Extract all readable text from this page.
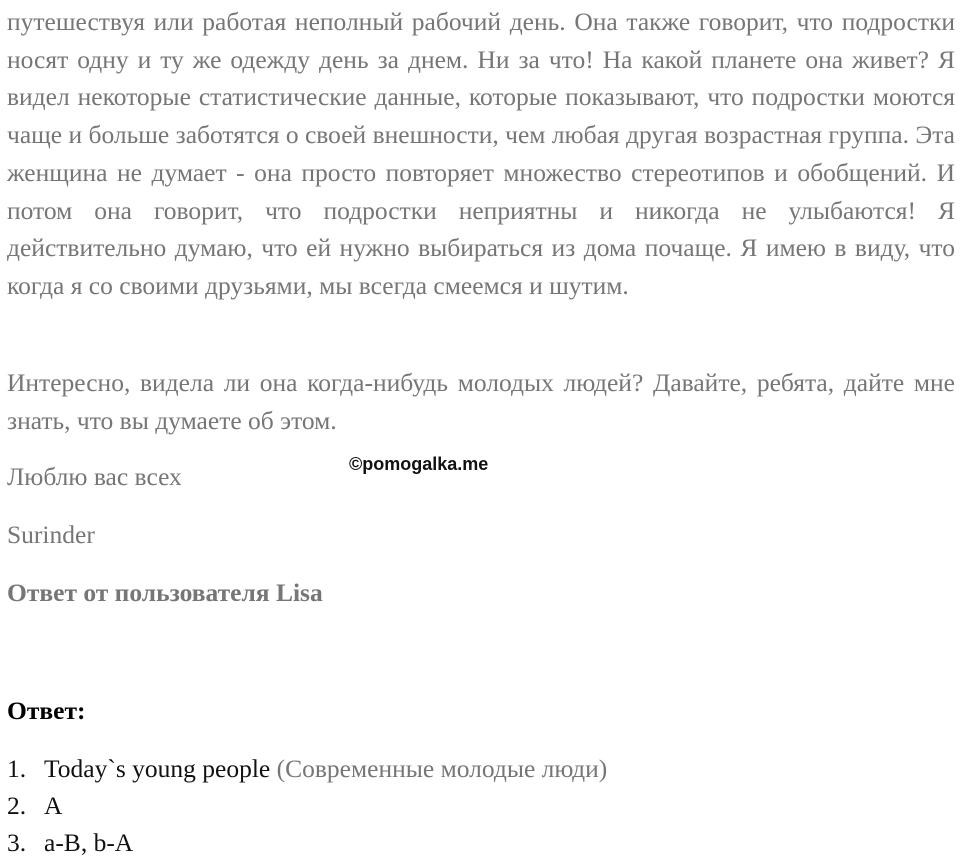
путешествуя или работая неполный рабочий день. Она также говорит, что подростки носят одну и ту же одежду день за днем. Ни за что! На какой планете она живет? Я видел некоторые статистические данные, которые показывают, что подростки моются чаще и больше заботятся о своей внешности, чем любая другая возрастная группа. Эта женщина не думает - она просто повторяет множество стереотипов и обобщений. И потом она говорит, что подростки неприятны и никогда не улыбаются! Я действительно думаю, что ей нужно выбираться из дома почаще. Я имею в виду, что когда я со своими друзьями, мы всегда смеемся и шутим.

Интересно, видела ли она когда-нибудь молодых людей? Давайте, ребята, дайте мне знать, что вы думаете об этом.

Люблю вас всех

Surinder

Ответ от пользователя Lisa

Ответ:

1. Today`s young people (Современные молодые люди)
2. A
3. a-B, b-A

©pomogalka.me
